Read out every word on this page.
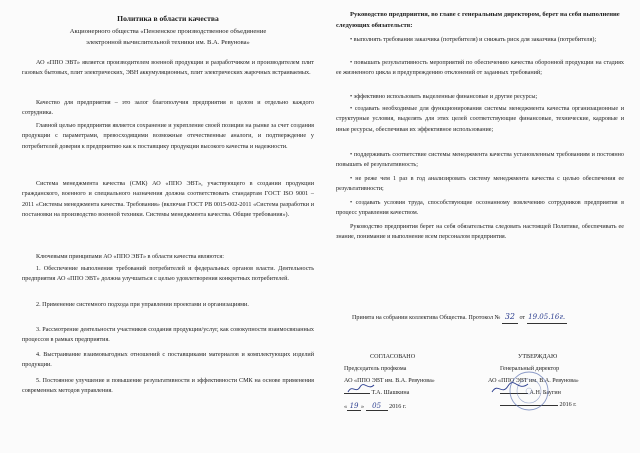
Политика в области качества
Акционерного общества «Пензенское производственное объединение
электронной вычислительной техники им. В.А. Ревунова»

АО «ППО ЭВТ» является производителем военной продукции и разработчиком и производителем плит газовых бытовых, плит электрических, ЭВН аккумуляционных, плит электрических жарочных встраиваемых.

Качество для предприятия – это залог благополучия предприятия в целом и отдельно каждого сотрудника.

Главной целью предприятия является сохранение и укрепление своей позиции на рынке за счет создания продукции с параметрами, превосходящими возможные отечественные аналоги, и подтверждение у потребителей доверия к предприятию как к поставщику продукции высокого качества и надежности.

Система менеджмента качества (СМК) АО «ППО ЭВТ», участвующего в создании продукции гражданского, военного и специального назначения должна соответствовать стандартам ГОСТ ISO 9001 – 2011 «Системы менеджмента качества. Требования» (включая ГОСТ РВ 0015-002-2011 «Система разработки и постановки на производство военной техники. Системы менеджмента качества. Общие требования»).

Ключевыми принципами АО «ППО ЭВТ» в области качества являются:

1. Обеспечение выполнения требований потребителей и федеральных органов власти. Деятельность предприятия АО «ППО ЭВТ» должна улучшаться с целью удовлетворения конкретных потребителей.

2. Применение системного подхода при управлении проектами и организациями.

3. Рассмотрение деятельности участников создания продукции/услуг, как совокупности взаимосвязанных процессов в рамках предприятия.

4. Выстраивание взаимовыгодных отношений с поставщиками материалов и комплектующих изделий продукции.

5. Постоянное улучшение и повышение результативности и эффективности СМК на основе применения современных методов управления.

Руководство предприятия, во главе с генеральным директором, берет на себя выполнение следующих обязательств:

• выполнять требования заказчика (потребителя) и снижать риск для заказчика (потребителя);

• повышать результативность мероприятий по обеспечению качества оборонной продукции на стадиях ее жизненного цикла и предупреждению отклонений от заданных требований;

• эффективно использовать выделенные финансовые и другие ресурсы;

• создавать необходимые для функционирования системы менеджмента качества организационные и структурные условия, выделять для этих целей соответствующие финансовые, технические, кадровые и иные ресурсы, обеспечивая их эффективное использование;

• поддерживать соответствие системы менеджмента качества установленным требованиям и постоянно повышать её результативность;

• не реже чем 1 раз в год анализировать систему менеджмента качества с целью обеспечения ее результативности;

• создавать условия труда, способствующие осознанному вовлечению сотрудников предприятия в процесс управления качеством.

Руководство предприятия берет на себя обязательства следовать настоящей Политике, обеспечивать ее знание, понимание и выполнение всем персоналом предприятия.

Принята на собрании коллектива Общества. Протокол № 32 от 19.05.16г.
СОГЛАСОВАНО
Председатель профкома
АО «ППО ЭВТ им. В.А. Ревунова»
Т.А. Шашкина
« 19 » 05 2016 г.
УТВЕРЖДАЮ
Генеральный директор
АО «ППО ЭВТ им. В.А. Ревунова»
А.Н. Баугин
2016 г.
